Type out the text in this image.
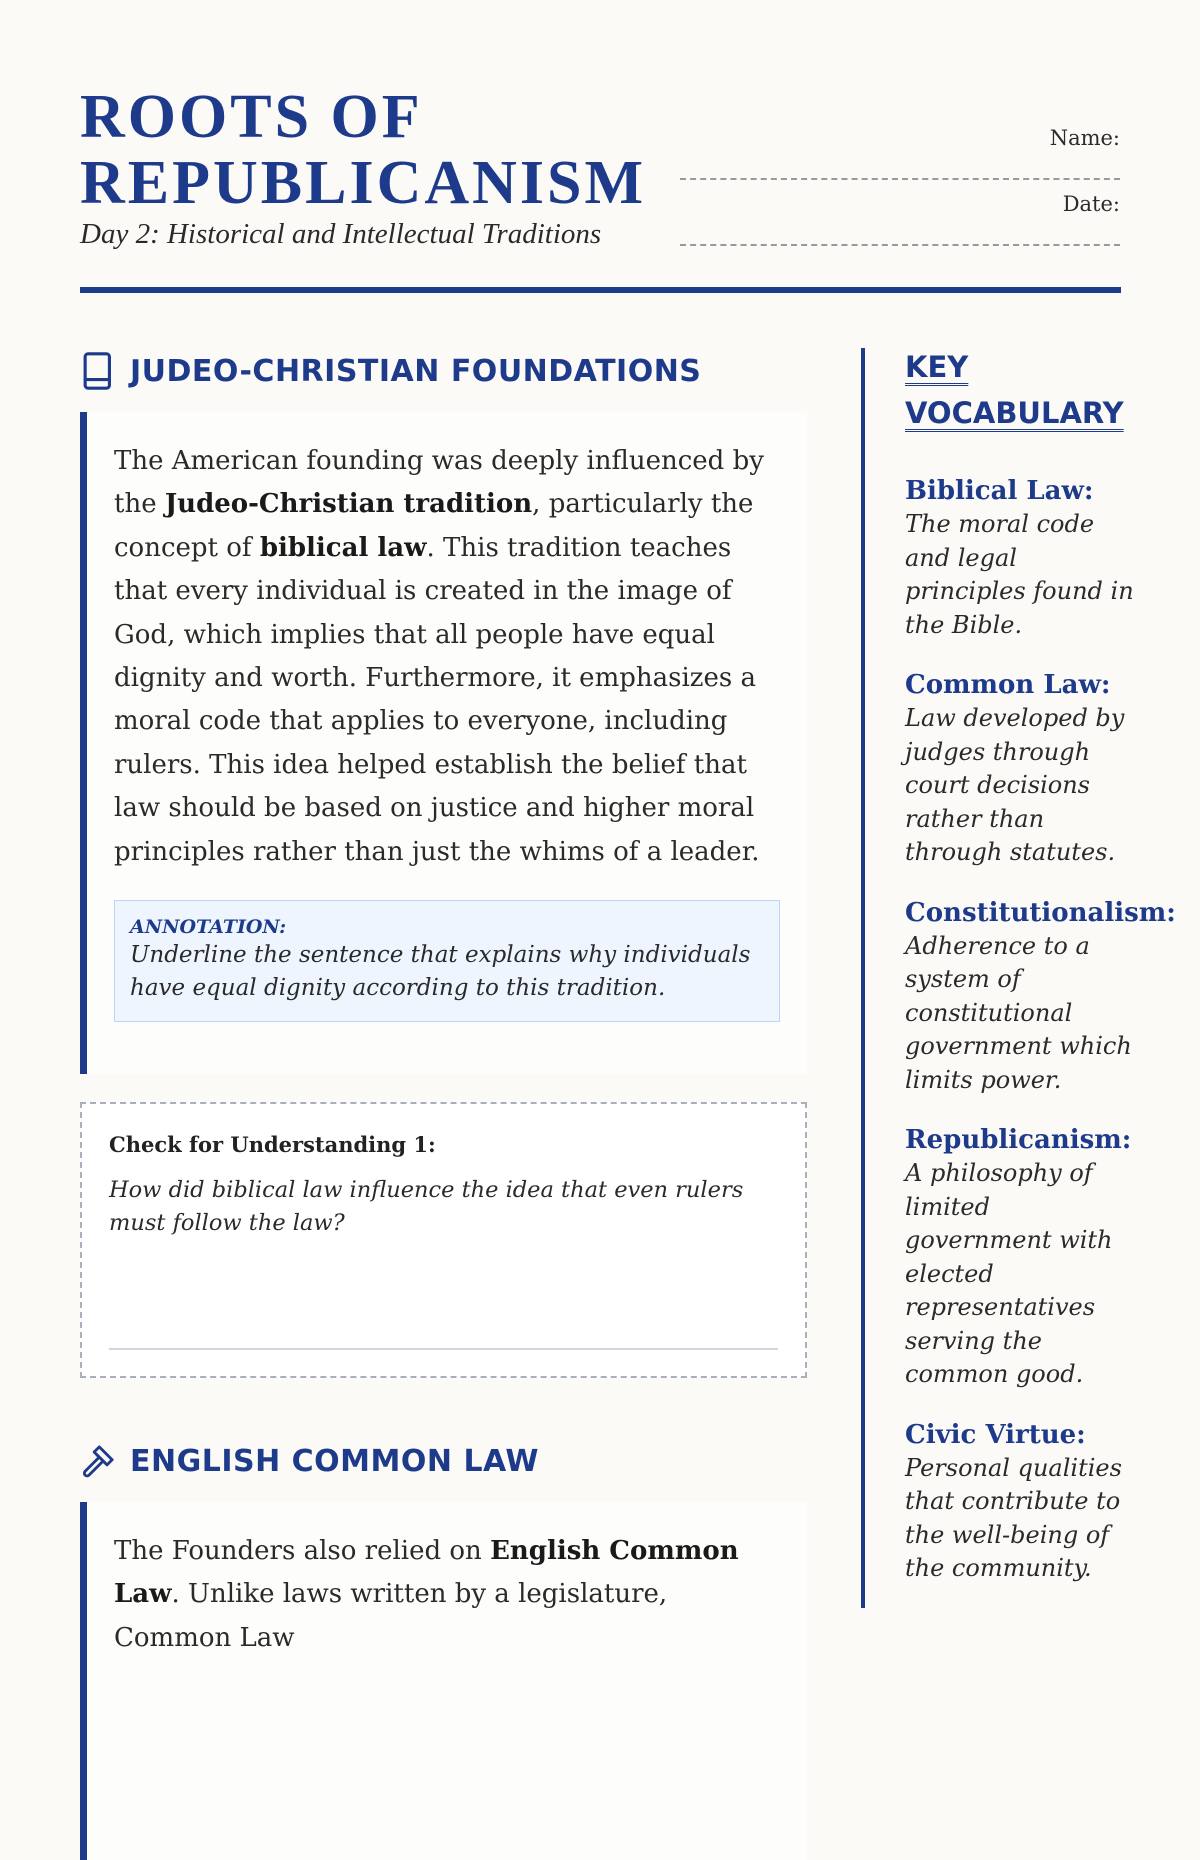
ROOTS OF
REPUBLICANISM
Day 2: Historical and Intellectual Traditions
Name:
Date:
JUDEO-CHRISTIAN FOUNDATIONS

The American founding was deeply influenced by the Judeo-Christian tradition, particularly the concept of biblical law. This tradition teaches that every individual is created in the image of God, which implies that all people have equal dignity and worth. Furthermore, it emphasizes a moral code that applies to everyone, including rulers. This idea helped establish the belief that law should be based on justice and higher moral principles rather than just the whims of a leader.

ANNOTATION:
Underline the sentence that explains why individuals have equal dignity according to this tradition.
Check for Understanding 1:
How did biblical law influence the idea that even rulers must follow the law?
ENGLISH COMMON LAW

The Founders also relied on English Common Law. Unlike laws written by a legislature, Common Law

KEY VOCABULARY
Biblical Law:
The moral code and legal principles found in the Bible.
Common Law:
Law developed by judges through court decisions rather than through statutes.
Constitutionalism:
Adherence to a system of constitutional government which limits power.
Republicanism:
A philosophy of limited government with elected representatives serving the common good.
Civic Virtue:
Personal qualities that contribute to the well-being of the community.
